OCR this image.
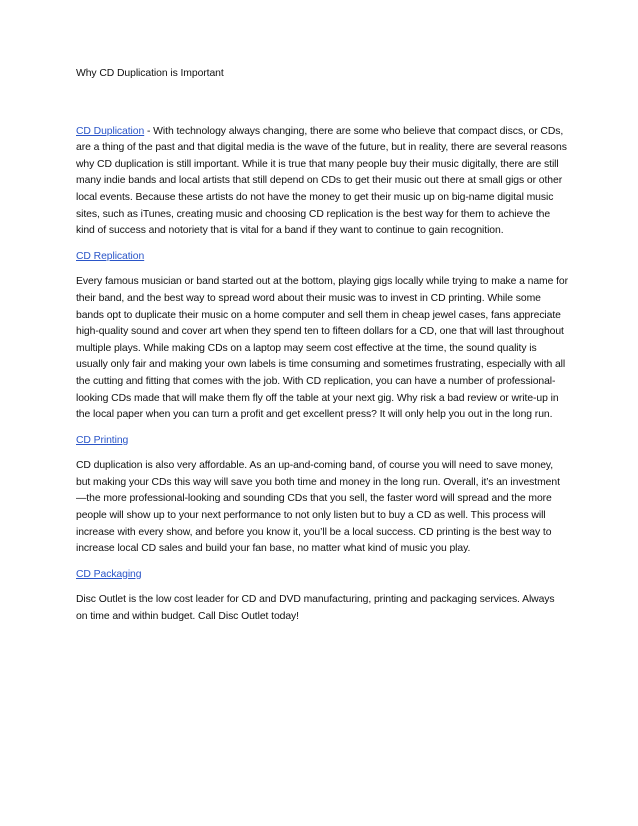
Why CD Duplication is Important

CD Duplication - With technology always changing, there are some who believe that compact discs, or CDs, are a thing of the past and that digital media is the wave of the future, but in reality, there are several reasons why CD duplication is still important. While it is true that many people buy their music digitally, there are still many indie bands and local artists that still depend on CDs to get their music out there at small gigs or other local events. Because these artists do not have the money to get their music up on big-name digital music sites, such as iTunes, creating music and choosing CD replication is the best way for them to achieve the kind of success and notoriety that is vital for a band if they want to continue to gain recognition.

CD Replication

Every famous musician or band started out at the bottom, playing gigs locally while trying to make a name for their band, and the best way to spread word about their music was to invest in CD printing. While some bands opt to duplicate their music on a home computer and sell them in cheap jewel cases, fans appreciate high-quality sound and cover art when they spend ten to fifteen dollars for a CD, one that will last throughout multiple plays. While making CDs on a laptop may seem cost effective at the time, the sound quality is usually only fair and making your own labels is time consuming and sometimes frustrating, especially with all the cutting and fitting that comes with the job. With CD replication, you can have a number of professional-looking CDs made that will make them fly off the table at your next gig. Why risk a bad review or write-up in the local paper when you can turn a profit and get excellent press? It will only help you out in the long run.

CD Printing

CD duplication is also very affordable. As an up-and-coming band, of course you will need to save money, but making your CDs this way will save you both time and money in the long run. Overall, it’s an investment—the more professional-looking and sounding CDs that you sell, the faster word will spread and the more people will show up to your next performance to not only listen but to buy a CD as well. This process will increase with every show, and before you know it, you’ll be a local success. CD printing is the best way to increase local CD sales and build your fan base, no matter what kind of music you play.

CD Packaging

Disc Outlet is the low cost leader for CD and DVD manufacturing, printing and packaging services. Always on time and within budget. Call Disc Outlet today!
